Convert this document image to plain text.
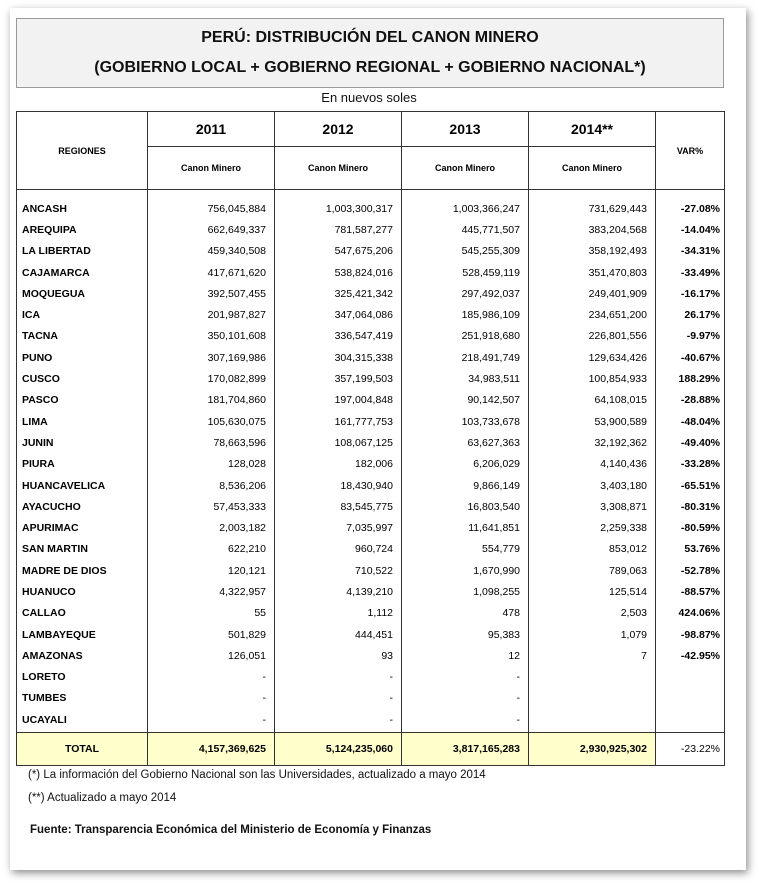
PERÚ: DISTRIBUCIÓN DEL CANON MINERO
(GOBIERNO LOCAL + GOBIERNO REGIONAL + GOBIERNO NACIONAL*)
En nuevos soles
REGIONES	2011	2012	2013	2014**	VAR%
	Canon Minero	Canon Minero	Canon Minero	Canon Minero	
ANCASH	756,045,884	1,003,300,317	1,003,366,247	731,629,443	-27.08%
AREQUIPA	662,649,337	781,587,277	445,771,507	383,204,568	-14.04%
LA LIBERTAD	459,340,508	547,675,206	545,255,309	358,192,493	-34.31%
CAJAMARCA	417,671,620	538,824,016	528,459,119	351,470,803	-33.49%
MOQUEGUA	392,507,455	325,421,342	297,492,037	249,401,909	-16.17%
ICA	201,987,827	347,064,086	185,986,109	234,651,200	26.17%
TACNA	350,101,608	336,547,419	251,918,680	226,801,556	-9.97%
PUNO	307,169,986	304,315,338	218,491,749	129,634,426	-40.67%
CUSCO	170,082,899	357,199,503	34,983,511	100,854,933	188.29%
PASCO	181,704,860	197,004,848	90,142,507	64,108,015	-28.88%
LIMA	105,630,075	161,777,753	103,733,678	53,900,589	-48.04%
JUNIN	78,663,596	108,067,125	63,627,363	32,192,362	-49.40%
PIURA	128,028	182,006	6,206,029	4,140,436	-33.28%
HUANCAVELICA	8,536,206	18,430,940	9,866,149	3,403,180	-65.51%
AYACUCHO	57,453,333	83,545,775	16,803,540	3,308,871	-80.31%
APURIMAC	2,003,182	7,035,997	11,641,851	2,259,338	-80.59%
SAN MARTIN	622,210	960,724	554,779	853,012	53.76%
MADRE DE DIOS	120,121	710,522	1,670,990	789,063	-52.78%
HUANUCO	4,322,957	4,139,210	1,098,255	125,514	-88.57%
CALLAO	55	1,112	478	2,503	424.06%
LAMBAYEQUE	501,829	444,451	95,383	1,079	-98.87%
AMAZONAS	126,051	93	12	7	-42.95%
LORETO	-	-	-		
TUMBES	-	-	-		
UCAYALI	-	-	-		
TOTAL	4,157,369,625	5,124,235,060	3,817,165,283	2,930,925,302	-23.22%
(*) La información del Gobierno Nacional son las Universidades, actualizado a mayo 2014
(**) Actualizado a mayo 2014
Fuente: Transparencia Económica del Ministerio de Economía y Finanzas
